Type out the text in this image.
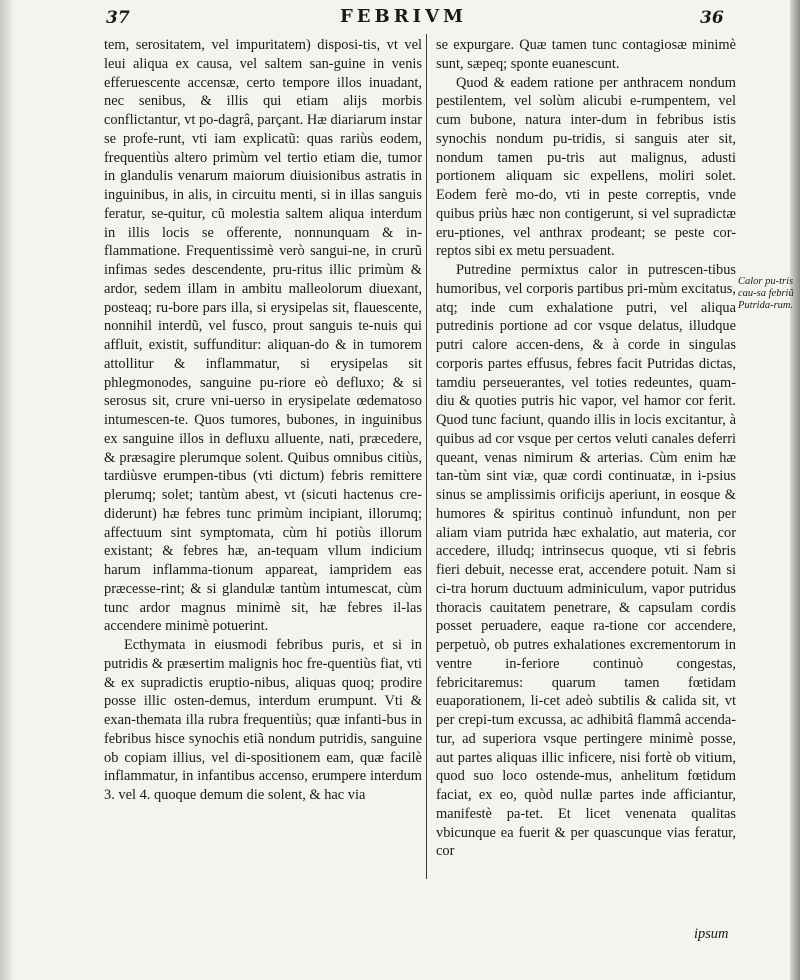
37	FEBRIVM	36

tem, serositatem, vel impuritatem) disposi-tis, vt vel leui aliqua ex causa, vel saltem san-guine in venis efferuescente accensæ, certo tempore illos inuadant, nec senibus, & illis qui etiam alijs morbis conflictantur, vt po-dagrâ, parçant. Hæ diariarum instar se profe-runt, vti iam explicatũ: quas rariùs eodem, frequentiùs altero primùm vel tertio etiam die, tumor in glandulis venarum maiorum diuisionibus astratis in inguinibus, in alis, in circuitu menti, si in illas sanguis feratur, se-quitur, cũ molestia saltem aliqua interdum in illis locis se offerente, nonnunquam & in-flammatione. Frequentissimè verò sangui-ne, in crurũ infimas sedes descendente, pru-ritus illic primùm & ardor, sedem illam in ambitu malleolorum diuexant, posteaq; ru-bore pars illa, si erysipelas sit, flauescente, nonnihil interdũ, vel fusco, prout sanguis te-nuis qui affluit, existit, suffunditur: aliquan-do & in tumorem attollitur & inflammatur, si erysipelas sit phlegmonodes, sanguine pu-riore eò defluxo; & si serosus sit, crure vni-uerso in erysipelate œdematoso intumescen-te. Quos tumores, bubones, in inguinibus ex sanguine illos in defluxu alluente, nati, præcedere, & præsagire plerumque solent. Quibus omnibus citiùs, tardiùsve erumpen-tibus (vti dictum) febris remittere plerumq; solet; tantùm abest, vt (sicuti hactenus cre-diderunt) hæ febres tunc primùm incipiant, illorumq; affectuum sint symptomata, cùm hi potiùs illorum existant; & febres hæ, an-tequam vllum indicium harum inflamma-tionum appareat, iampridem eas præcesse-rint; & si glandulæ tantùm intumescat, cùm tunc ardor magnus minimè sit, hæ febres il-las accendere minimè potuerint.

Ecthymata in eiusmodi febribus puris, et si in putridis & præsertim malignis hoc fre-quentiùs fiat, vti & ex supradictis eruptio-nibus, aliquas quoq; prodire posse illic osten-demus, interdum erumpunt. Vti & exan-themata illa rubra frequentiùs; quæ infanti-bus in febribus hisce synochis etiã nondum putridis, sanguine ob copiam illius, vel di-spositionem eam, quæ facilè inflammatur, in infantibus accenso, erumpere interdum 3. vel 4. quoque demum die solent, & hac via

se expurgare. Quæ tamen tunc contagiosæ minimè sunt, sæpeq; sponte euanescunt.

Quod & eadem ratione per anthracem nondum pestilentem, vel solùm alicubi e-rumpentem, vel cum bubone, natura inter-dum in febribus istis synochis nondum pu-tridis, si sanguis ater sit, nondum tamen pu-tris aut malignus, adusti portionem aliquam sic expellens, moliri solet. Eodem ferè mo-do, vti in peste correptis, vnde quibus priùs hæc non contigerunt, si vel supradictæ eru-ptiones, vel anthrax prodeant; se peste cor-reptos sibi ex metu persuadent.

Putredine permixtus calor in putrescen-tibus humoribus, vel corporis partibus pri-mùm excitatus, atq; inde cum exhalatione putri, vel aliqua putredinis portione ad cor vsque delatus, illudque putri calore accen-dens, & à corde in singulas corporis partes effusus, febres facit Putridas dictas, tamdiu perseuerantes, vel toties redeuntes, quam-diu & quoties putris hic vapor, vel hamor cor ferit. Quod tunc faciunt, quando illis in locis excitantur, à quibus ad cor vsque per certos veluti canales deferri queant, venas nimirum & arterias. Cùm enim hæ tan-tùm sint viæ, quæ cordi continuatæ, in i-psius sinus se amplissimis orificijs aperiunt, in eosque & humores & spiritus continuò infundunt, non per aliam viam putrida hæc exhalatio, aut materia, cor accedere, illudq; intrinsecus quoque, vti si febris fieri debuit, necesse erat, accendere potuit. Nam si ci-tra horum ductuum adminiculum, vapor putridus thoracis cauitatem penetrare, & capsulam cordis posset peruadere, eaque ra-tione cor accendere, perpetuò, ob putres exhalationes excrementorum in ventre in-feriore continuò congestas, febricitaremus: quarum tamen fœtidam euaporationem, li-cet adeò subtilis & calida sit, vt per crepi-tum excussa, ac adhibitâ flammâ accenda-tur, ad superiora vsque pertingere minimè posse, aut partes aliquas illic inficere, nisi fortè ob vitium, quod suo loco ostende-mus, anhelitum fœtidum faciat, ex eo, quòd nullæ partes inde afficiantur, manifestè pa-tet. Et licet venenata qualitas vbicunque ea fuerit & per quascunque vias feratur, cor

Calor pu-tris cau-sa febriũ Putrida-rum.
ipsum
